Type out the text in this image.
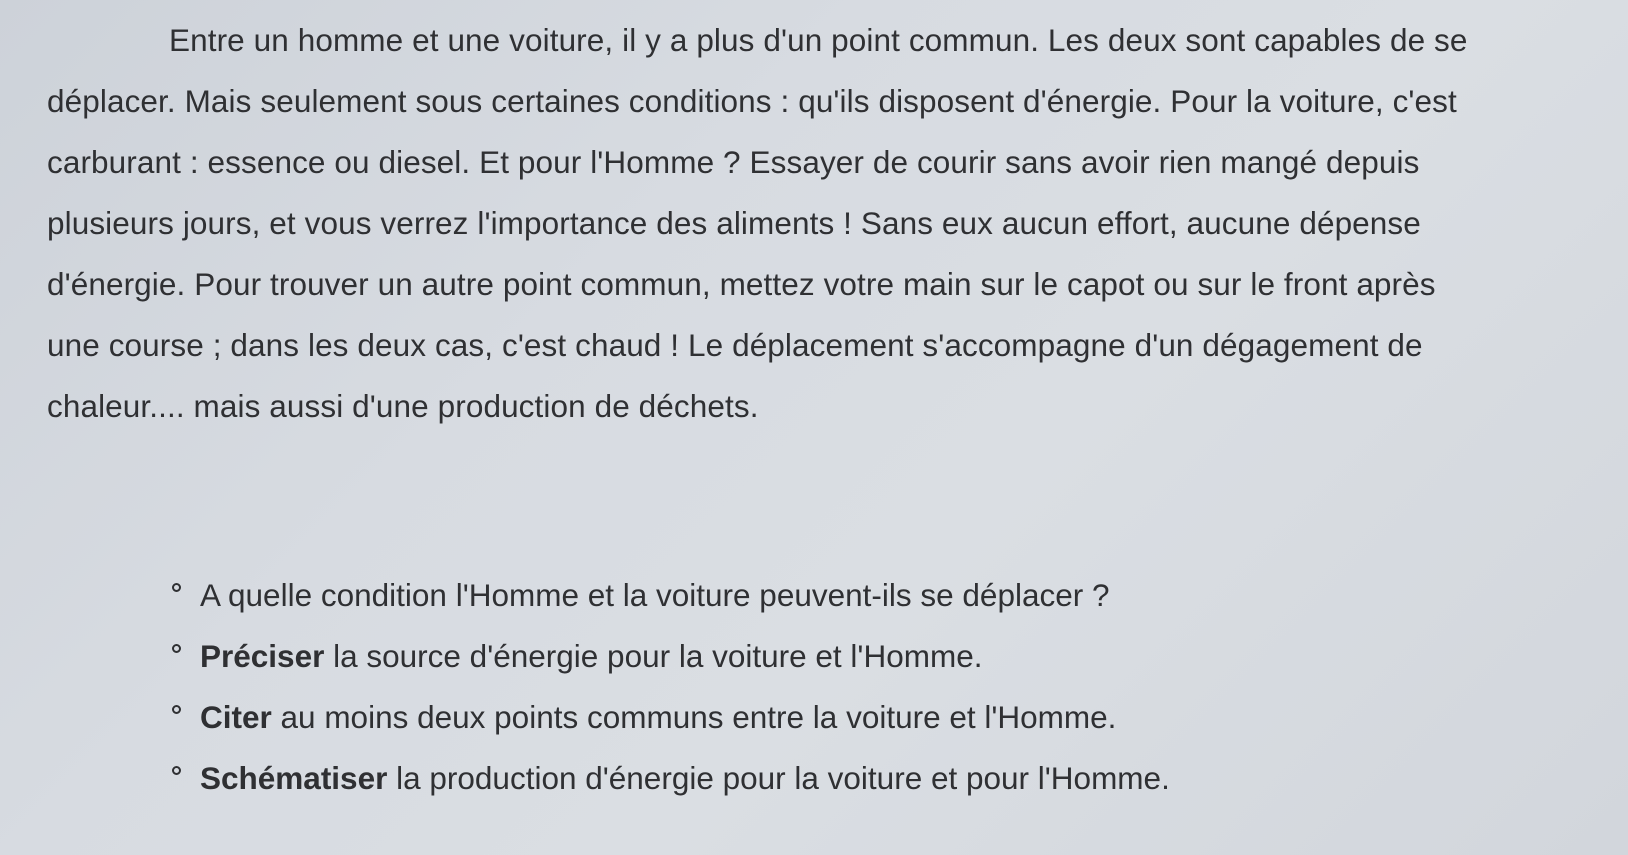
Entre un homme et une voiture, il y a plus d'un point commun. Les deux sont capables de se
déplacer. Mais seulement sous certaines conditions : qu'ils disposent d'énergie. Pour la voiture, c'est
carburant : essence ou diesel. Et pour l'Homme ? Essayer de courir sans avoir rien mangé depuis
plusieurs jours, et vous verrez l'importance des aliments ! Sans eux aucun effort, aucune dépense
d'énergie. Pour trouver un autre point commun, mettez votre main sur le capot ou sur le front après
une course ; dans les deux cas, c'est chaud ! Le déplacement s'accompagne d'un dégagement de
chaleur.... mais aussi d'une production de déchets.
A quelle condition l'Homme et la voiture peuvent-ils se déplacer ?
Préciser la source d'énergie pour la voiture et l'Homme.
Citer au moins deux points communs entre la voiture et l'Homme.
Schématiser la production d'énergie pour la voiture et pour l'Homme.
